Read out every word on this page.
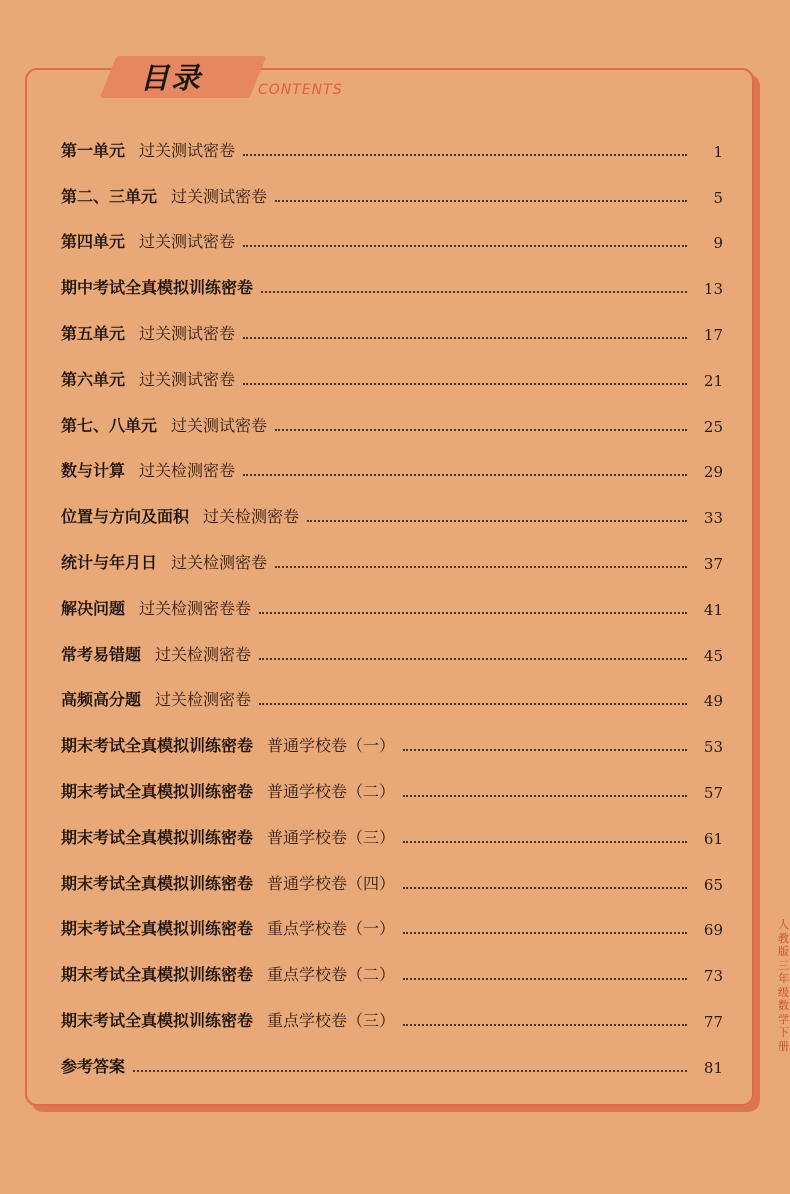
目录	CONTENTS
第一单元 过关测试密卷	1
第二、三单元 过关测试密卷	5
第四单元 过关测试密卷	9
期中考试全真模拟训练密卷	13
第五单元 过关测试密卷	17
第六单元 过关测试密卷	21
第七、八单元 过关测试密卷	25
数与计算 过关检测密卷	29
位置与方向及面积 过关检测密卷	33
统计与年月日 过关检测密卷	37
解决问题 过关检测密卷卷	41
常考易错题 过关检测密卷	45
高频高分题 过关检测密卷	49
期末考试全真模拟训练密卷 普通学校卷（一）	53
期末考试全真模拟训练密卷 普通学校卷（二）	57
期末考试全真模拟训练密卷 普通学校卷（三）	61
期末考试全真模拟训练密卷 普通学校卷（四）	65
期末考试全真模拟训练密卷 重点学校卷（一）	69
期末考试全真模拟训练密卷 重点学校卷（二）	73
期末考试全真模拟训练密卷 重点学校卷（三）	77
参考答案	81
人教版三年级数学下册
